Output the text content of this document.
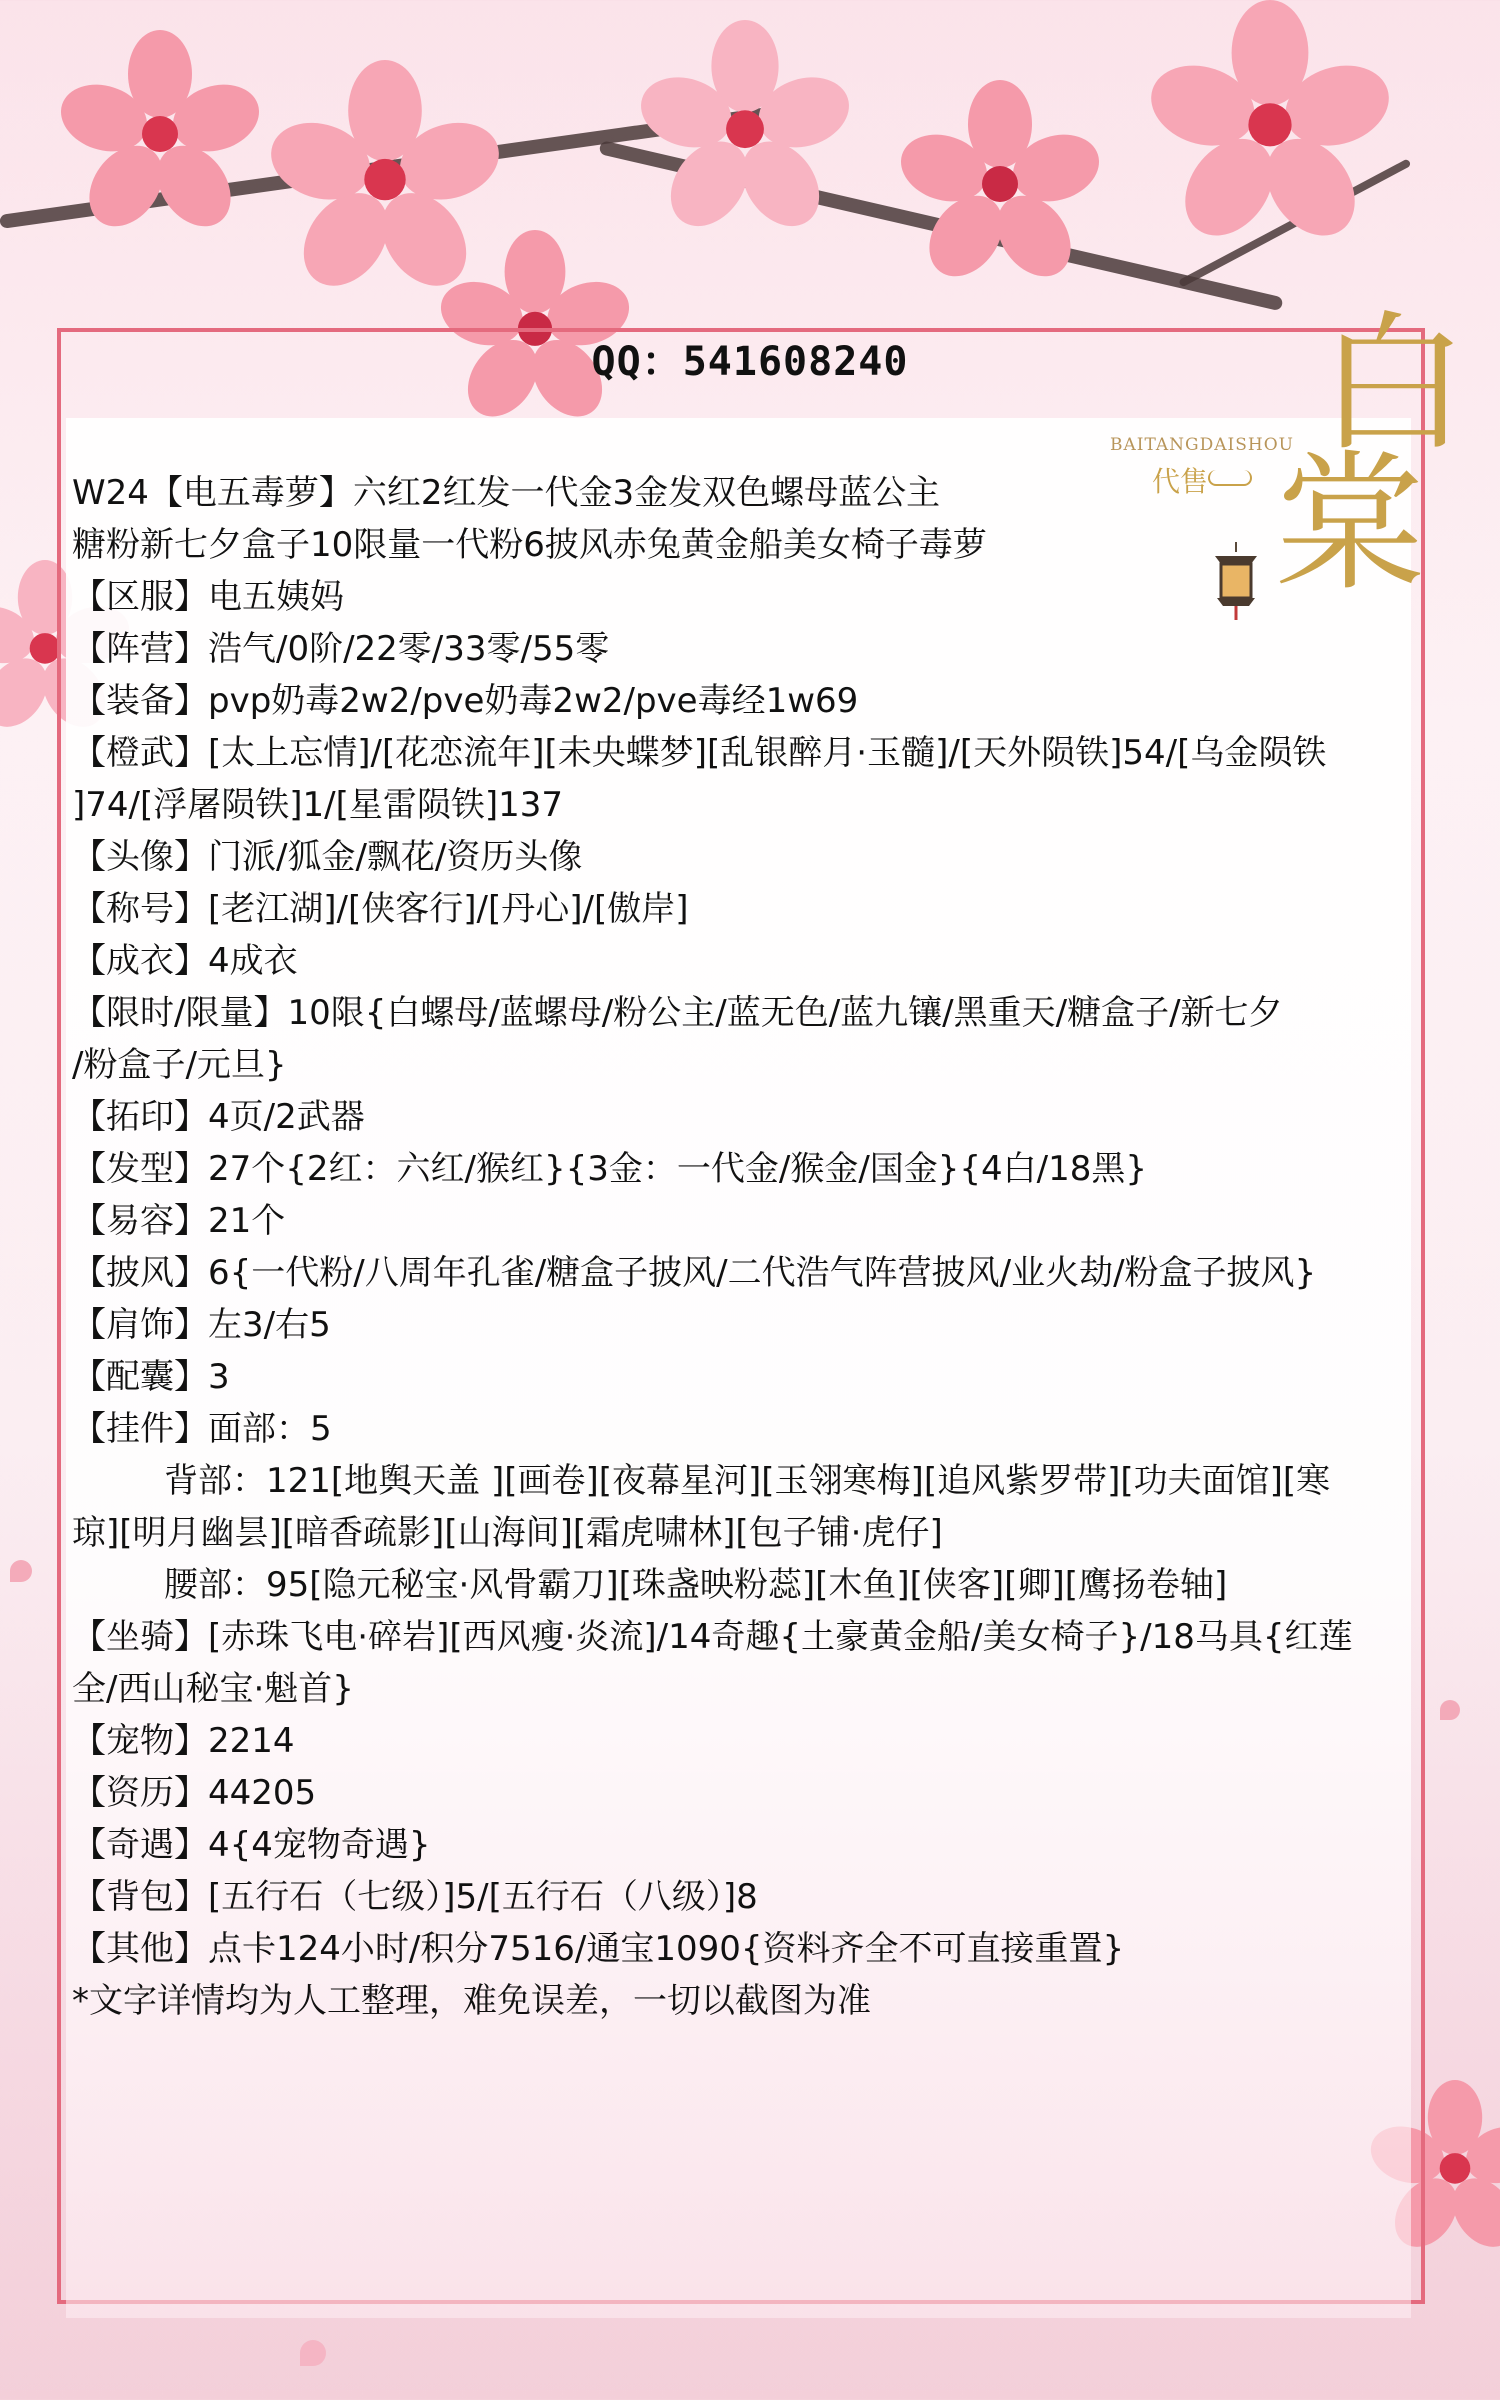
QQ：541608240	白
棠
BAITANGDAISHOU
代售
W24【电五毒萝】六红2红发一代金3金发双色螺母蓝公主
糖粉新七夕盒子10限量一代粉6披风赤兔黄金船美女椅子毒萝
【区服】电五姨妈
【阵营】浩气/0阶/22零/33零/55零
【装备】pvp奶毒2w2/pve奶毒2w2/pve毒经1w69
【橙武】[太上忘情]/[花恋流年][未央蝶梦][乱银醉月·玉髓]/[天外陨铁]54/[乌金陨铁
]74/[浮屠陨铁]1/[星雷陨铁]137
【头像】门派/狐金/飘花/资历头像
【称号】[老江湖]/[侠客行]/[丹心]/[傲岸]
【成衣】4成衣
【限时/限量】10限{白螺母/蓝螺母/粉公主/蓝无色/蓝九镶/黑重天/糖盒子/新七夕
/粉盒子/元旦}
【拓印】4页/2武器
【发型】27个{2红：六红/猴红}{3金：一代金/猴金/国金}{4白/18黑}
【易容】21个
【披风】6{一代粉/八周年孔雀/糖盒子披风/二代浩气阵营披风/业火劫/粉盒子披风}
【肩饰】左3/右5
【配囊】3
【挂件】面部：5
背部：121[地舆天盖 ][画卷][夜幕星河][玉翎寒梅][追风紫罗带][功夫面馆][寒
琼][明月幽昙][暗香疏影][山海间][霜虎啸林][包子铺·虎仔]
腰部：95[隐元秘宝·风骨霸刀][珠盏映粉蕊][木鱼][侠客][卿][鹰扬卷轴]
【坐骑】[赤珠飞电·碎岩][西风瘦·炎流]/14奇趣{土豪黄金船/美女椅子}/18马具{红莲
全/西山秘宝·魁首}
【宠物】2214
【资历】44205
【奇遇】4{4宠物奇遇}
【背包】[五行石（七级）]5/[五行石（八级）]8
【其他】点卡124小时/积分7516/通宝1090{资料齐全不可直接重置}
*文字详情均为人工整理，难免误差，一切以截图为准
